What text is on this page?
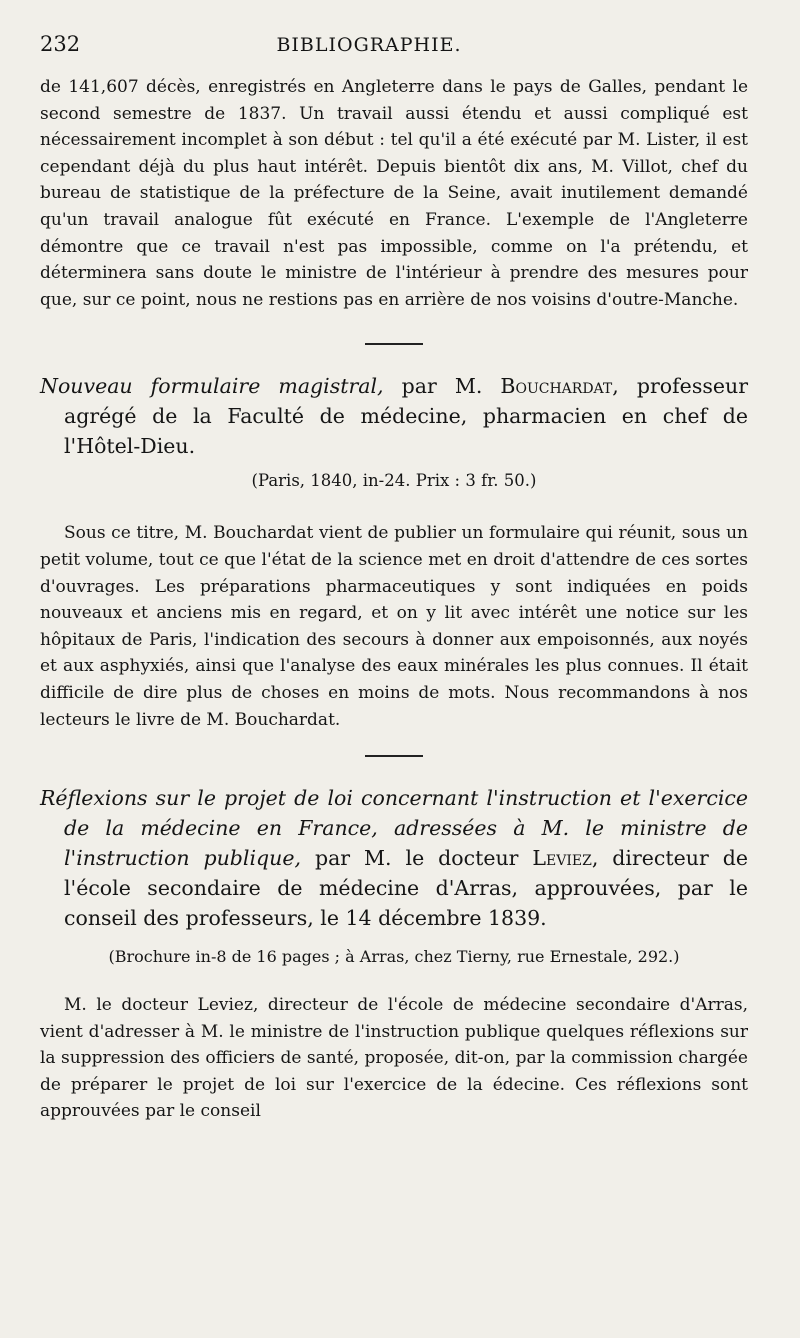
232	BIBLIOGRAPHIE.

de 141,607 décès, enregistrés en Angleterre dans le pays de Galles, pendant le second semestre de 1837. Un travail aussi étendu et aussi compliqué est nécessairement incomplet à son début : tel qu'il a été exécuté par M. Lister, il est cependant déjà du plus haut intérêt. Depuis bientôt dix ans, M. Villot, chef du bureau de statistique de la préfecture de la Seine, avait inutilement demandé qu'un travail analogue fût exécuté en France. L'exemple de l'Angleterre démontre que ce travail n'est pas impossible, comme on l'a prétendu, et déterminera sans doute le ministre de l'intérieur à prendre des mesures pour que, sur ce point, nous ne restions pas en arrière de nos voisins d'outre-Manche.

Nouveau formulaire magistral, par M. Bouchardat, professeur agrégé de la Faculté de médecine, pharmacien en chef de l'Hôtel-Dieu.

(Paris, 1840, in-24. Prix : 3 fr. 50.)

Sous ce titre, M. Bouchardat vient de publier un formulaire qui réunit, sous un petit volume, tout ce que l'état de la science met en droit d'attendre de ces sortes d'ouvrages. Les préparations pharmaceutiques y sont indiquées en poids nouveaux et anciens mis en regard, et on y lit avec intérêt une notice sur les hôpitaux de Paris, l'indication des secours à donner aux empoisonnés, aux noyés et aux asphyxiés, ainsi que l'analyse des eaux minérales les plus connues. Il était difficile de dire plus de choses en moins de mots. Nous recommandons à nos lecteurs le livre de M. Bouchardat.

Réflexions sur le projet de loi concernant l'instruction et l'exercice de la médecine en France, adressées à M. le ministre de l'instruction publique, par M. le docteur Leviez, directeur de l'école secondaire de médecine d'Arras, approuvées, par le conseil des professeurs, le 14 décembre 1839.

(Brochure in-8 de 16 pages ; à Arras, chez Tierny, rue Ernestale, 292.)

M. le docteur Leviez, directeur de l'école de médecine secondaire d'Arras, vient d'adresser à M. le ministre de l'instruction publique quelques réflexions sur la suppression des officiers de santé, proposée, dit-on, par la commission chargée de préparer le projet de loi sur l'exercice de la édecine. Ces réflexions sont approuvées par le conseil
